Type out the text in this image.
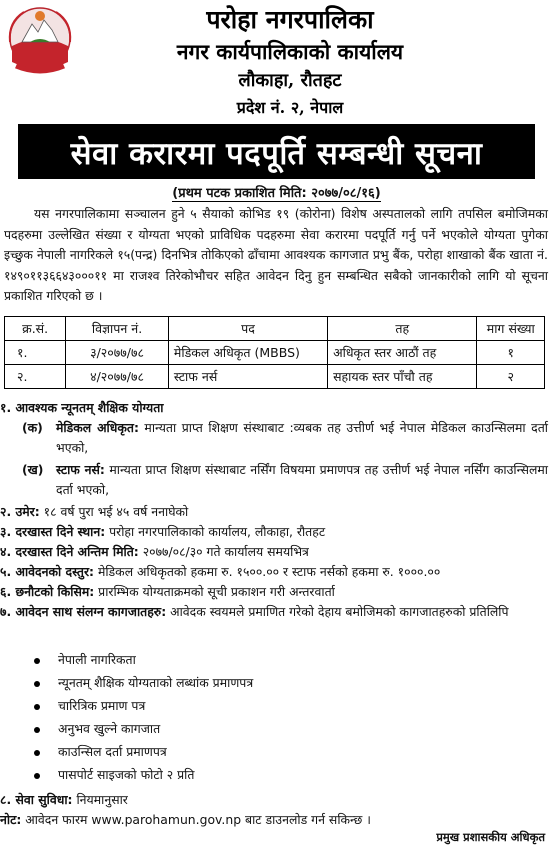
परोहा नगरपालिका
नगर कार्यपालिकाको कार्यालय
लौकाहा, रौतहट
प्रदेश नं. २, नेपाल
सेवा करारमा पदपूर्ति सम्बन्धी सूचना
(प्रथम पटक प्रकाशित मिति: २०७७/०८/१६)
यस नगरपालिकामा सञ्चालन हुने ५ सैयाको कोभिड १९ (कोरोना) विशेष अस्पतालको लागि तपसिल बमोजिमका पदहरुमा उल्लेखित संख्या र योग्यता भएको प्राविधिक पदहरुमा सेवा करारमा पदपूर्ति गर्नु पर्ने भएकोले योग्यता पुगेका इच्छुक नेपाली नागरिकले १५(पन्द्र) दिनभित्र तोकिएको ढाँचामा आवश्यक कागजात प्रभु बैंक, परोहा शाखाको बैंक खाता नं. १४९०११३६६४३०००११ मा राजश्व तिरेकोभौचर सहित आवेदन दिनु हुन सम्बन्धित सबैको जानकारीको लागि यो सूचना प्रकाशित गरिएको छ ।
क्र.सं.	विज्ञापन नं.	पद	तह	माग संख्या
१.	३/२०७७/७८	मेडिकल अधिकृत (MBBS)	अधिकृत स्तर आठौं तह	१
२.	४/२०७७/७८	स्टाफ नर्स	सहायक स्तर पाँचौ तह	२
१. आवश्यक न्यूनतम् शैक्षिक योग्यता
(क)	मेडिकल अधिकृत: मान्यता प्राप्त शिक्षण संस्थाबाट :व्यबक तह उत्तीर्ण भई नेपाल मेडिकल काउन्सिलमा दर्ता भएको,
(ख)	स्टाफ नर्स: मान्यता प्राप्त शिक्षण संस्थाबाट नर्सिंग विषयमा प्रमाणपत्र तह उत्तीर्ण भई नेपाल नर्सिंग काउन्सिलमा दर्ता भएको,
२. उमेर: १८ वर्ष पुरा भई ४५ वर्ष ननाघेको
३. दरखास्त दिने स्थान: परोहा नगरपालिकाको कार्यालय, लौकाहा, रौतहट
४. दरखास्त दिने अन्तिम मिति: २०७७/०८/३० गते कार्यालय समयभित्र
५. आवेदनको दस्तुर: मेडिकल अधिकृतको हकमा रु. १५००.०० र स्टाफ नर्सको हकमा रु. १०००.००
६. छनौटको किसिम: प्रारम्भिक योग्यताक्रमको सूची प्रकाशन गरी अन्तरवार्ता
७. आवेदन साथ संलग्न कागजातहरु: आवेदक स्वयमले प्रमाणित गरेको देहाय बमोजिमको कागजातहरुको प्रतिलिपि
नेपाली नागरिकता
न्यूनतम् शैक्षिक योग्यताको लब्धांक प्रमाणपत्र
चारित्रिक प्रमाण पत्र
अनुभव खुल्ने कागजात
काउन्सिल दर्ता प्रमाणपत्र
पासपोर्ट साइजको फोटो २ प्रति
८. सेवा सुविधा: नियमानुसार
नोट: आवेदन फारम www.parohamun.gov.np बाट डाउनलोड गर्न सकिन्छ ।
प्रमुख प्रशासकीय अधिकृत
